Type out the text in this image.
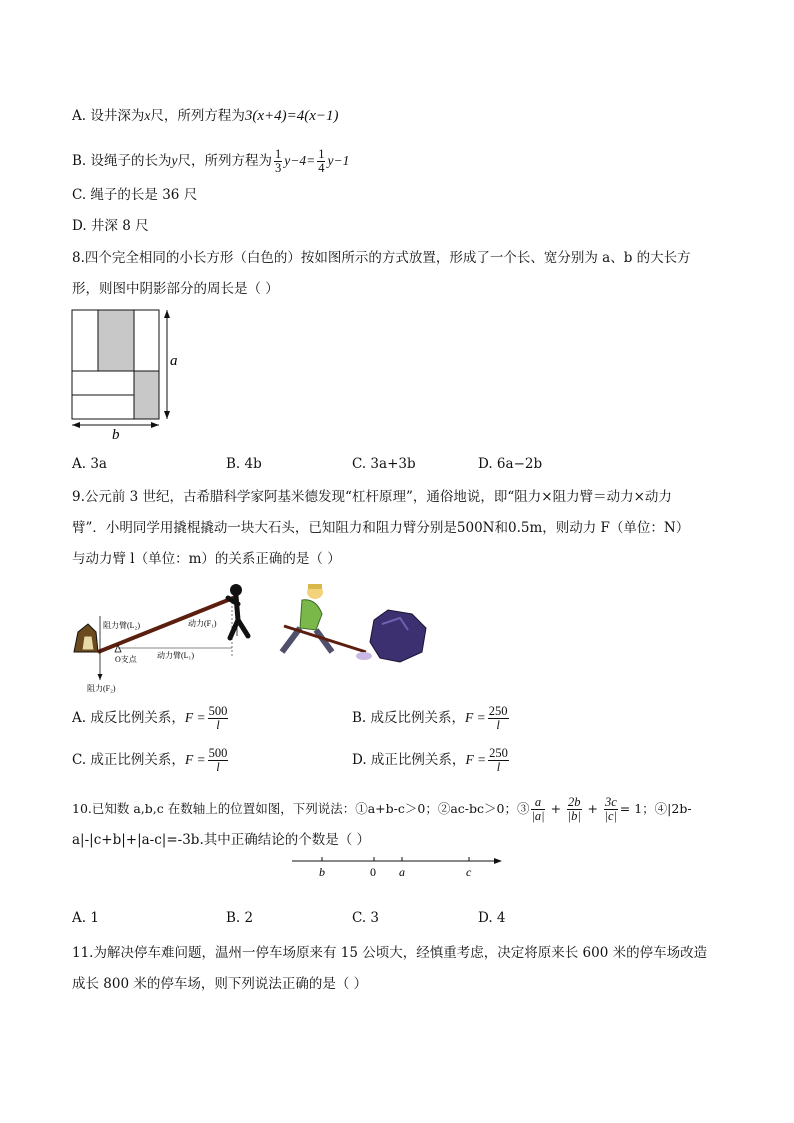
A. 设井深为x尺，所列方程为3(x+4)=4(x−1)
B. 设绳子的长为y尺，所列方程为 $\frac{1}{3} y-4= \frac{1}{4} y-1$
C. 绳子的长是 36 尺
D. 井深 8 尺
8.四个完全相同的小长方形（白色的）按如图所示的方式放置，形成了一个长、宽分别为 a、b 的大长方
形，则图中阴影部分的周长是（ ）
a
b
A. 3a	B. 4b	C. 3a+3b	D. 6a−2b
9.公元前 3 世纪，古希腊科学家阿基米德发现“杠杆原理”，通俗地说，即“阻力×阻力臂＝动力×动力
臂”．小明同学用撬棍撬动一块大石头，已知阻力和阻力臂分别是500N和0.5m，则动力 F（单位：N）
与动力臂 l（单位：m）的关系正确的是（ ）
阻力臂(L₂)	动力(F₁)
O支点	动力臂(L₁)
阻力(F₂)
A. 成反比例关系，$F = \frac{500}{l}$	B. 成反比例关系，$F = \frac{250}{l}$
C. 成正比例关系，$F = \frac{500}{l}$	D. 成正比例关系，$F = \frac{250}{l}$
10.已知数 a,b,c 在数轴上的位置如图，下列说法：①a+b-c＞0；②ac-bc＞0；③ $\frac{a}{|a|} + \frac{2b}{|b|} + \frac{3c}{|c|} = 1$；④|2b-
a|-|c+b|+|a-c|=-3b.其中正确结论的个数是（ ）
b	0 a	c
A. 1	B. 2	C. 3	D. 4
11.为解决停车难问题，温州一停车场原来有 15 公顷大，经慎重考虑，决定将原来长 600 米的停车场改造
成长 800 米的停车场，则下列说法正确的是（ ）
